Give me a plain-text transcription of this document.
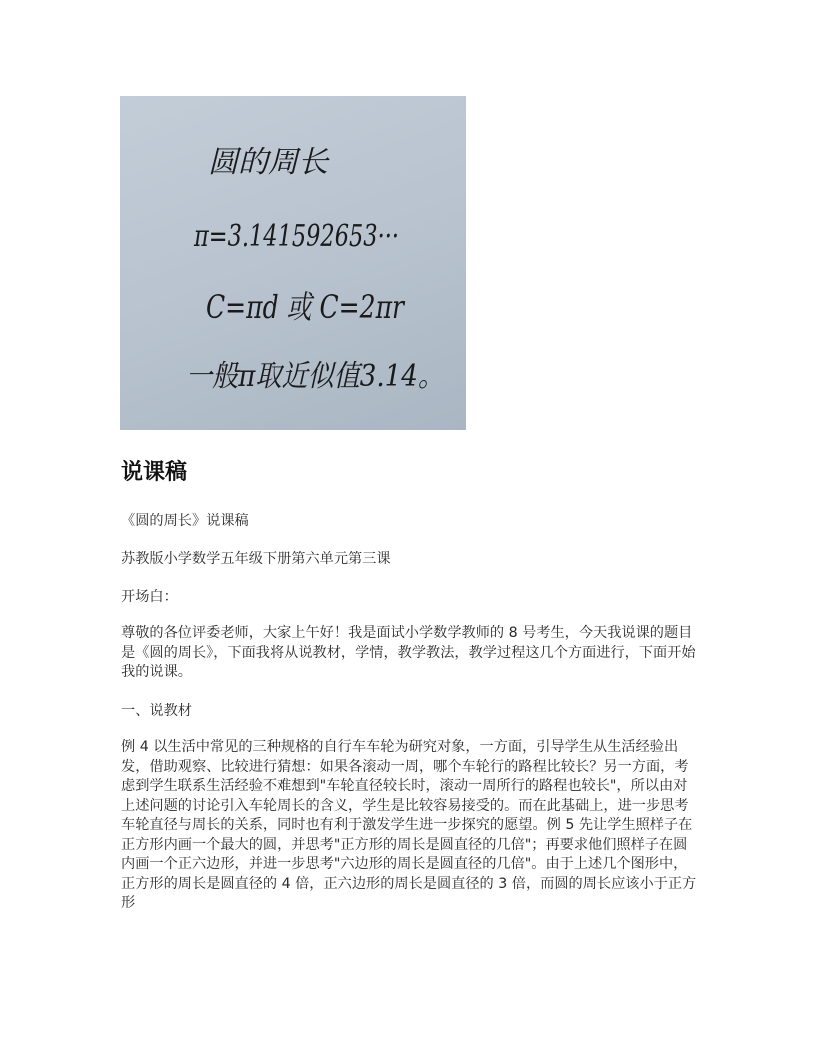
圆的周长
π=3.141592653···
C=πd 或 C=2πr
一般π取近似值3.14。
说课稿

《圆的周长》说课稿

苏教版小学数学五年级下册第六单元第三课

开场白：

尊敬的各位评委老师，大家上午好！我是面试小学数学教师的 8 号考生，今天我说课的题目是《圆的周长》，下面我将从说教材，学情，教学教法，教学过程这几个方面进行，下面开始我的说课。

一、说教材

例 4 以生活中常见的三种规格的自行车车轮为研究对象，一方面，引导学生从生活经验出发，借助观察、比较进行猜想：如果各滚动一周，哪个车轮行的路程比较长？另一方面，考虑到学生联系生活经验不难想到"车轮直径较长时，滚动一周所行的路程也较长"，所以由对上述问题的讨论引入车轮周长的含义，学生是比较容易接受的。而在此基础上，进一步思考车轮直径与周长的关系，同时也有利于激发学生进一步探究的愿望。例 5 先让学生照样子在正方形内画一个最大的圆，并思考"正方形的周长是圆直径的几倍"；再要求他们照样子在圆内画一个正六边形，并进一步思考"六边形的周长是圆直径的几倍"。由于上述几个图形中，正方形的周长是圆直径的 4 倍，正六边形的周长是圆直径的 3 倍，而圆的周长应该小于正方形
